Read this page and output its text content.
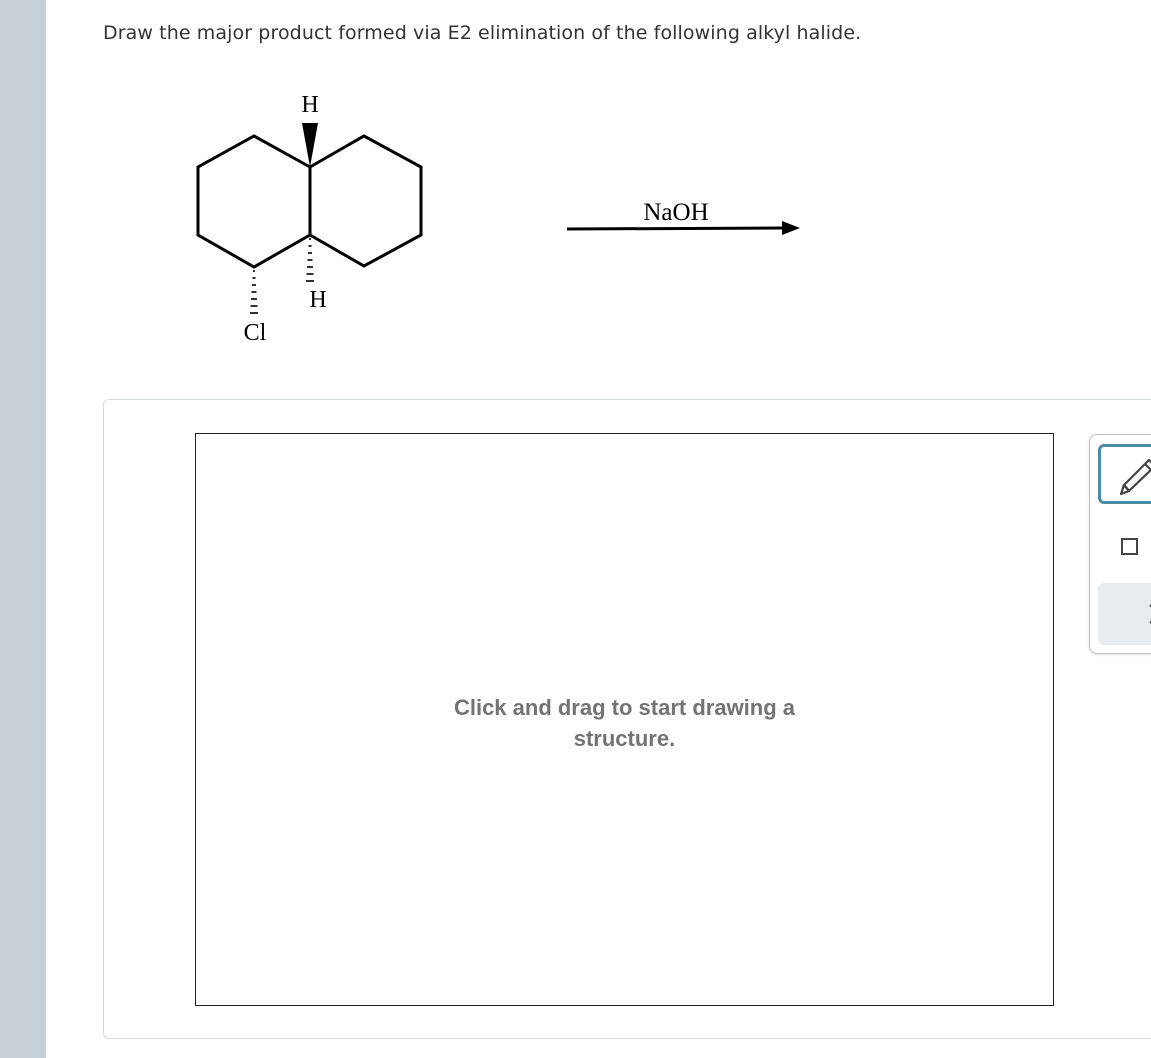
Draw the major product formed via E2 elimination of the following alkyl halide.
H
H
Cl
NaOH
Click and drag to start drawing a
structure.
